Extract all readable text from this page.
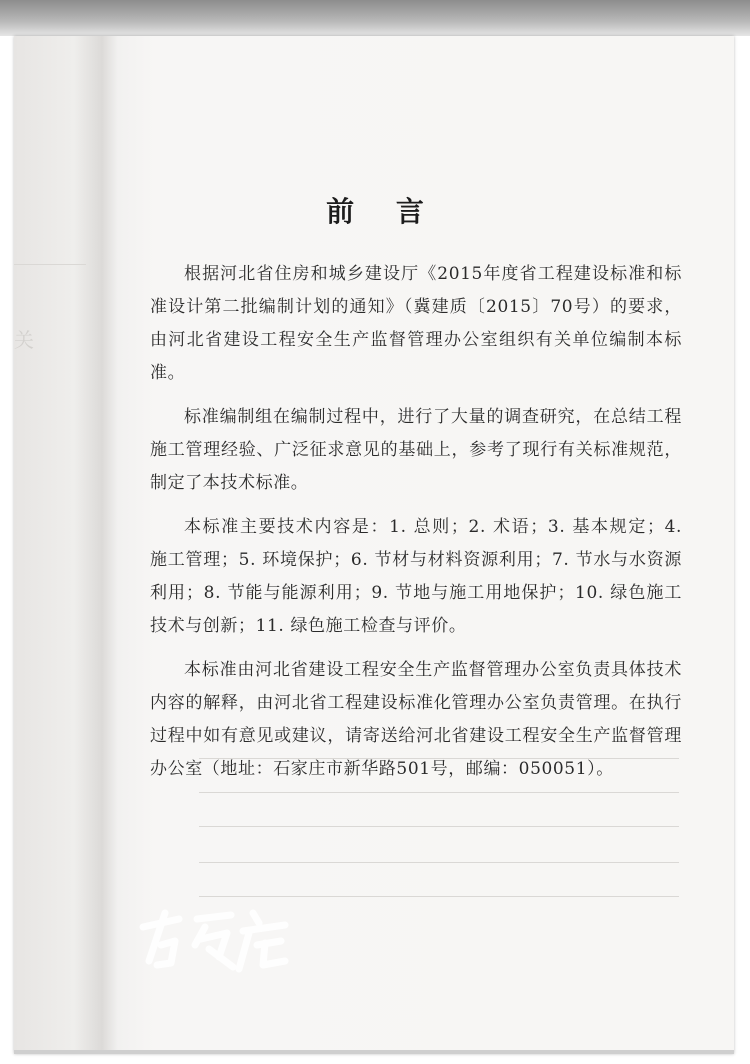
关
前 言

根据河北省住房和城乡建设厅《2015年度省工程建设标准和标准设计第二批编制计划的通知》（冀建质〔2015〕70号）的要求，由河北省建设工程安全生产监督管理办公室组织有关单位编制本标准。

标准编制组在编制过程中，进行了大量的调查研究，在总结工程施工管理经验、广泛征求意见的基础上，参考了现行有关标准规范，制定了本技术标准。

本标准主要技术内容是：1. 总则；2. 术语；3. 基本规定；4. 施工管理；5. 环境保护；6. 节材与材料资源利用；7. 节水与水资源利用；8. 节能与能源利用；9. 节地与施工用地保护；10. 绿色施工技术与创新；11. 绿色施工检查与评价。

本标准由河北省建设工程安全生产监督管理办公室负责具体技术内容的解释，由河北省工程建设标准化管理办公室负责管理。在执行过程中如有意见或建议，请寄送给河北省建设工程安全生产监督管理办公室（地址：石家庄市新华路501号，邮编：050051）。
